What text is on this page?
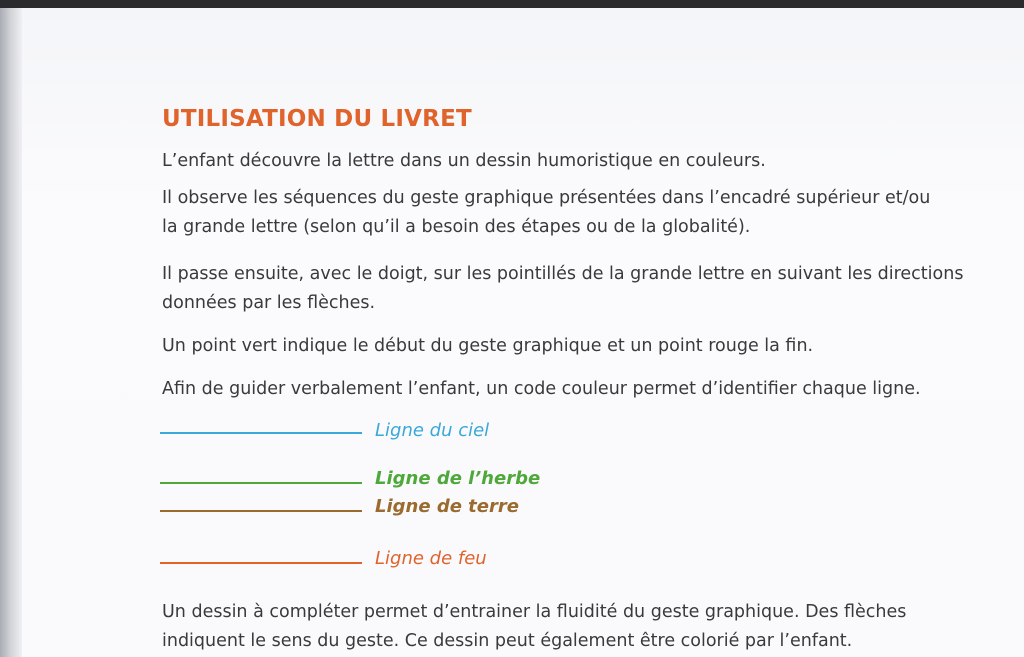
UTILISATION DU LIVRET

L’enfant découvre la lettre dans un dessin humoristique en couleurs.

Il observe les séquences du geste graphique présentées dans l’encadré supérieur et/ou

la grande lettre (selon qu’il a besoin des étapes ou de la globalité).

Il passe ensuite, avec le doigt, sur les pointillés de la grande lettre en suivant les directions

données par les flèches.

Un point vert indique le début du geste graphique et un point rouge la fin.

Afin de guider verbalement l’enfant, un code couleur permet d’identifier chaque ligne.

Ligne du ciel
Ligne de l’herbe
Ligne de terre
Ligne de feu

Un dessin à compléter permet d’entrainer la fluidité du geste graphique. Des flèches

indiquent le sens du geste. Ce dessin peut également être colorié par l’enfant.
